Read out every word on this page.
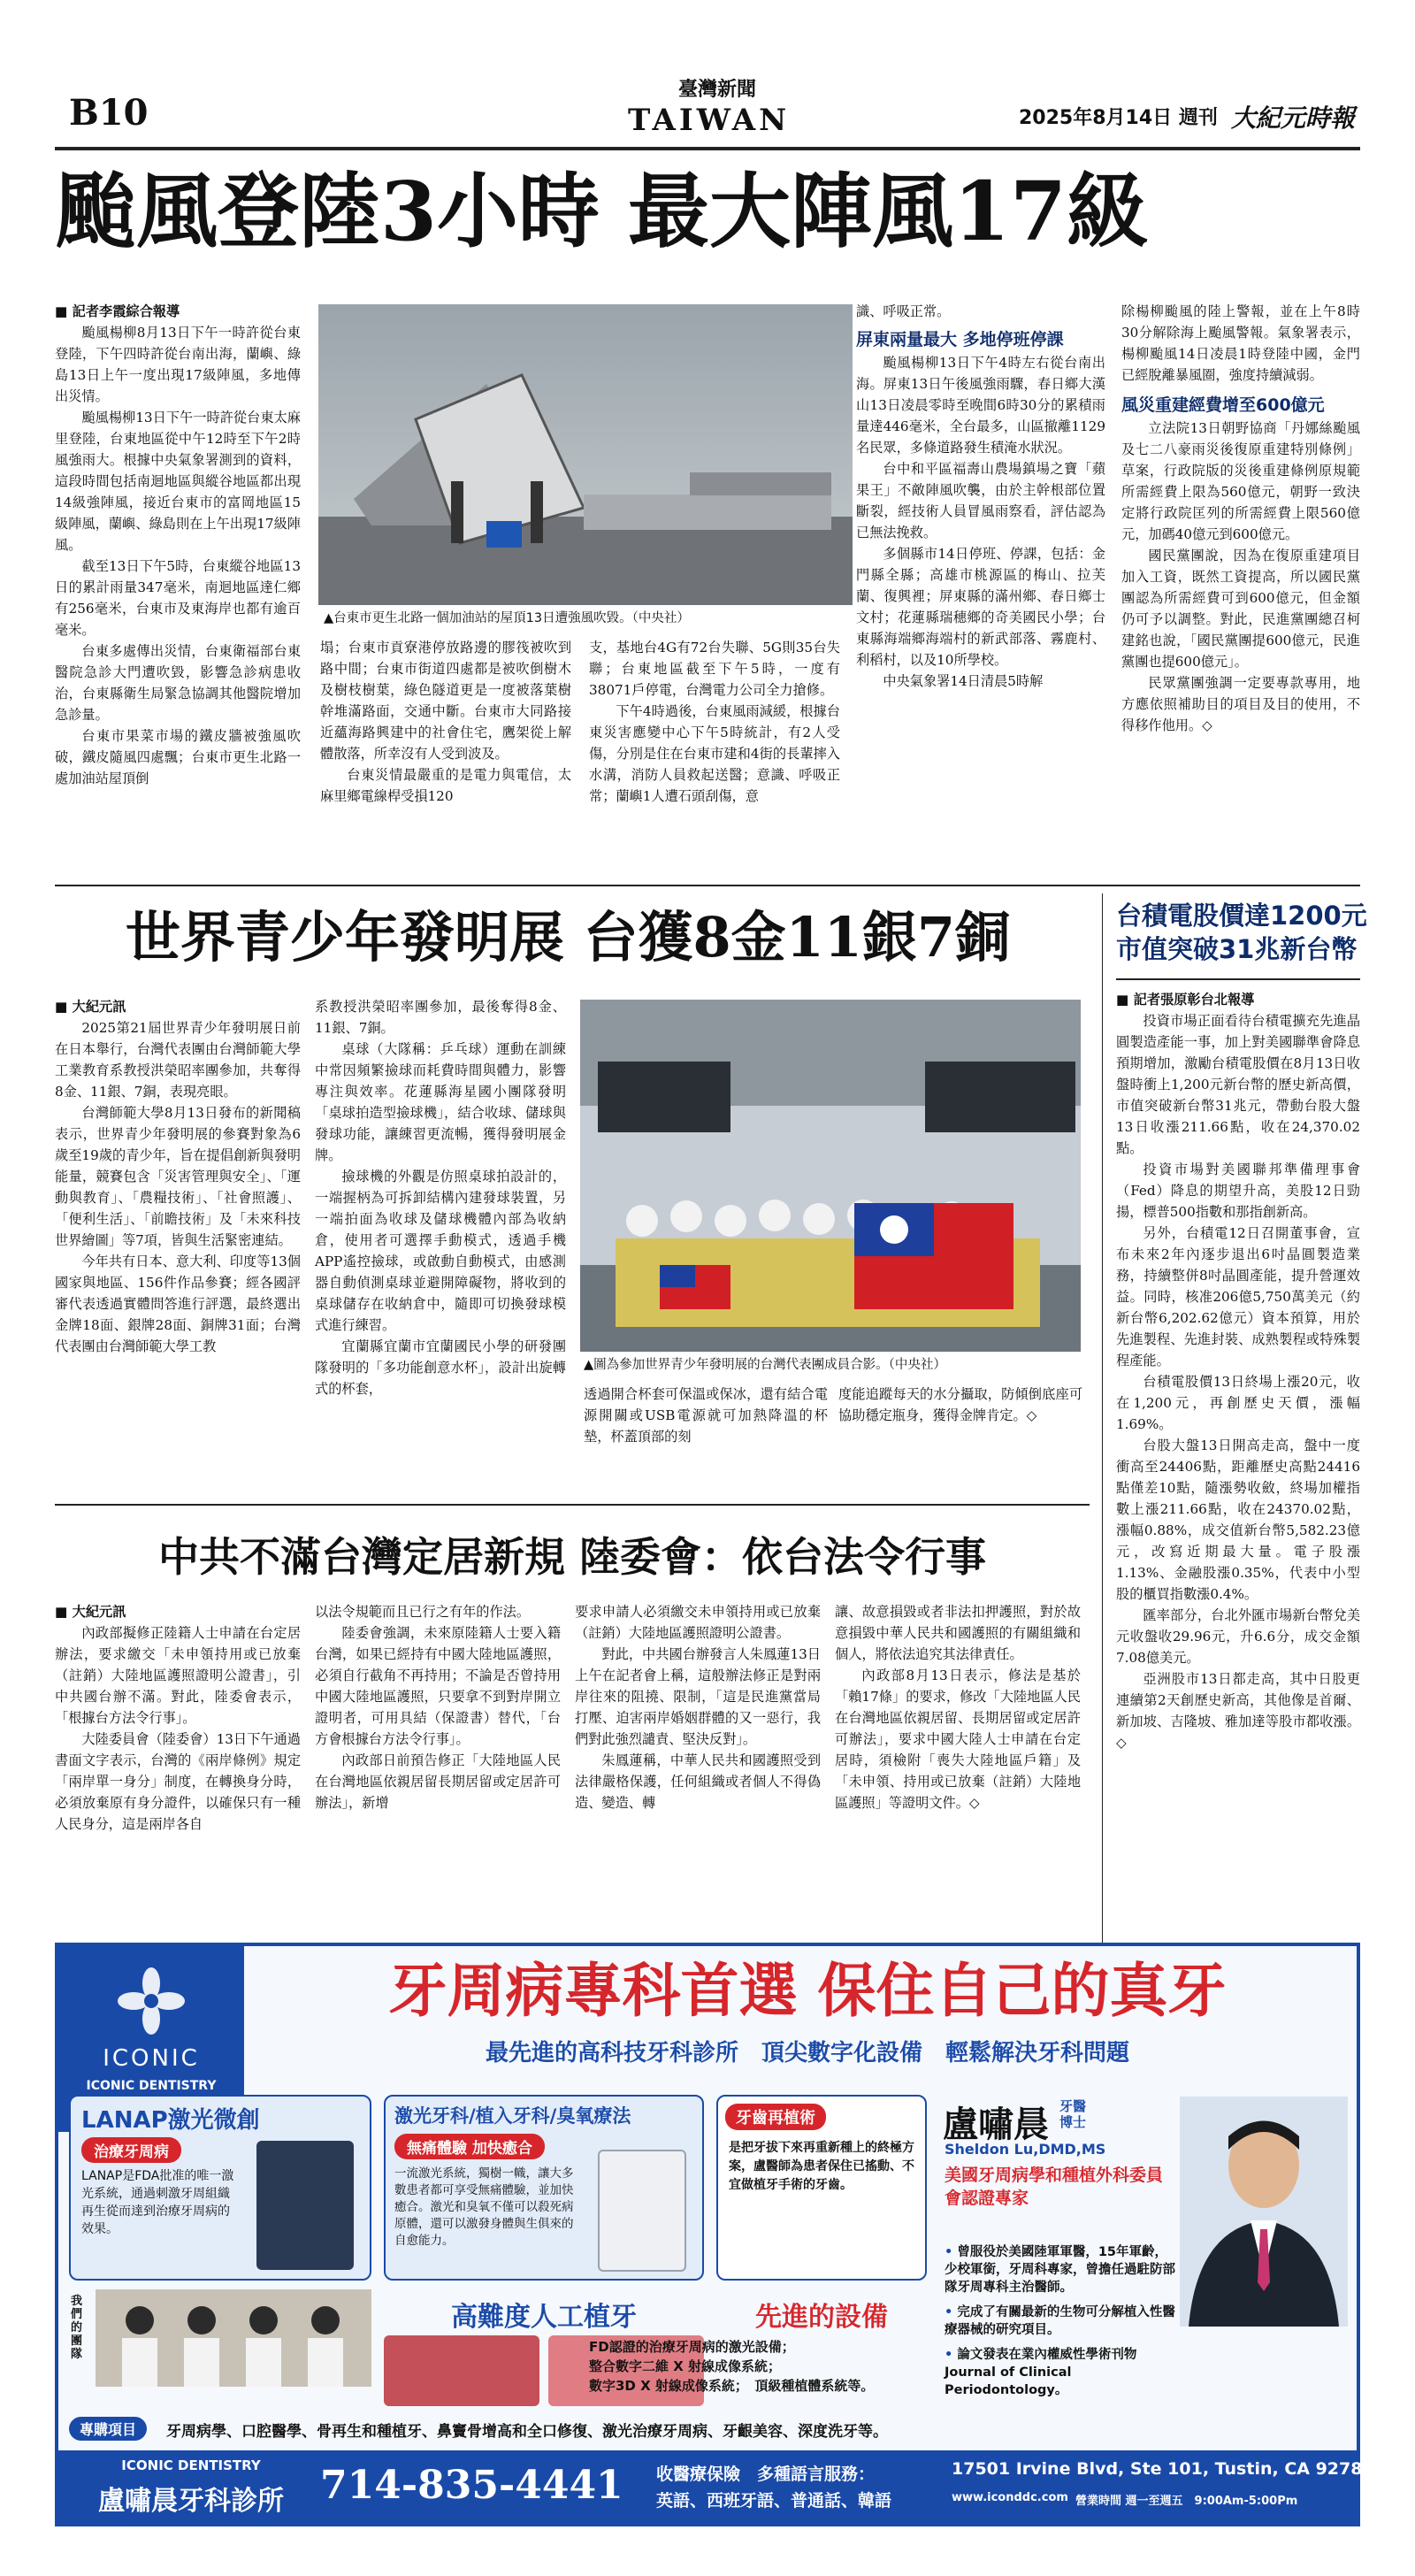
B10
臺灣新聞
TAIWAN	2025年8月14日 週刊 大紀元時報
颱風登陸3小時 最大陣風17級
■ 記者李霞綜合報導

颱風楊柳8月13日下午一時許從台東登陸，下午四時許從台南出海，蘭嶼、綠島13日上午一度出現17級陣風，多地傳出災情。

颱風楊柳13日下午一時許從台東太麻里登陸，台東地區從中午12時至下午2時風強雨大。根據中央氣象署測到的資料，這段時間包括南迴地區與縱谷地區都出現14級強陣風，接近台東市的富岡地區15級陣風，蘭嶼、綠島則在上午出現17級陣風。

截至13日下午5時，台東縱谷地區13日的累計雨量347毫米，南迴地區達仁鄉有256毫米，台東市及東海岸也都有逾百毫米。

台東多處傳出災情，台東衛福部台東醫院急診大門遭吹毀，影響急診病患收治，台東縣衛生局緊急協調其他醫院增加急診量。

台東市果菜市場的鐵皮牆被強風吹破，鐵皮隨風四處飄；台東市更生北路一處加油站屋頂倒

▲台東市更生北路一個加油站的屋頂13日遭強風吹毀。（中央社）

塌；台東市貢寮港停放路邊的膠筏被吹到路中間；台東市街道四處都是被吹倒樹木及樹枝樹葉，綠色隧道更是一度被落葉樹幹堆滿路面，交通中斷。台東市大同路接近蘊海路興建中的社會住宅，鷹架從上解體散落，所幸沒有人受到波及。

台東災情最嚴重的是電力與電信，太麻里鄉電線桿受損120

支，基地台4G有72台失聯、5G則35台失聯；台東地區截至下午5時，一度有38071戶停電，台灣電力公司全力搶修。

下午4時過後，台東風雨減緩，根據台東災害應變中心下午5時統計，有2人受傷，分別是住在台東市建和4街的長輩摔入水溝，消防人員救起送醫；意識、呼吸正常；蘭嶼1人遭石頭刮傷，意

識、呼吸正常。

屏東兩量最大 多地停班停課

颱風楊柳13日下午4時左右從台南出海。屏東13日午後風強雨驟，春日鄉大漢山13日凌晨零時至晚間6時30分的累積雨量達446毫米，全台最多，山區撤離1129名民眾，多條道路發生積淹水狀況。

台中和平區福壽山農場鎮場之寶「蘋果王」不敵陣風吹襲，由於主幹根部位置斷裂，經技術人員冒風雨察看，評估認為已無法挽救。

多個縣市14日停班、停課，包括：金門縣全縣；高雄市桃源區的梅山、拉芙蘭、復興裡；屏東縣的滿州鄉、春日鄉士文村；花蓮縣瑞穗鄉的奇美國民小學；台東縣海端鄉海端村的新武部落、霧鹿村、利稻村，以及10所學校。

中央氣象署14日清晨5時解

除楊柳颱風的陸上警報，並在上午8時30分解除海上颱風警報。氣象署表示，楊柳颱風14日凌晨1時登陸中國，金門已經脫離暴風圈，強度持續減弱。

風災重建經費增至600億元

立法院13日朝野協商「丹娜絲颱風及七二八豪雨災後復原重建特別條例」草案，行政院版的災後重建條例原規範所需經費上限為560億元，朝野一致決定將行政院匡列的所需經費上限560億元，加碼40億元到600億元。

國民黨團說，因為在復原重建項目加入工資，既然工資提高，所以國民黨團認為所需經費可到600億元，但金額仍可予以調整。對此，民進黨團總召柯建銘也說，「國民黨團提600億元，民進黨團也提600億元」。

民眾黨團強調一定要專款專用，地方應依照補助目的項目及目的使用，不得移作他用。◇

世界青少年發明展 台獲8金11銀7銅
■ 大紀元訊

2025第21屆世界青少年發明展日前在日本舉行，台灣代表團由台灣師範大學工業教育系教授洪榮昭率團參加，共奪得8金、11銀、7銅，表現亮眼。

台灣師範大學8月13日發布的新聞稿表示，世界青少年發明展的參賽對象為6歲至19歲的青少年，旨在提倡創新與發明能量，競賽包含「災害管理與安全」、「運動與教育」、「農糧技術」、「社會照護」、「便利生活」、「前瞻技術」及「未來科技世界繪圖」等7項，皆與生活緊密連結。

今年共有日本、意大利、印度等13個國家與地區、156件作品參賽；經各國評審代表透過實體問答進行評選，最終選出金牌18面、銀牌28面、銅牌31面；台灣代表團由台灣師範大學工教

系教授洪榮昭率團參加，最後奪得8金、11銀、7銅。

桌球（大隊稱：乒乓球）運動在訓練中常因頻繁撿球而耗費時間與體力，影響專注與效率。花蓮縣海星國小團隊發明「桌球拍造型撿球機」，結合收球、儲球與發球功能，讓練習更流暢，獲得發明展金牌。

撿球機的外觀是仿照桌球拍設計的，一端握柄為可拆卸結構內建發球裝置，另一端拍面為收球及儲球機體內部為收納倉，使用者可選擇手動模式，透過手機APP遙控撿球，或啟動自動模式，由感測器自動偵測桌球並避開障礙物，將收到的桌球儲存在收納倉中，隨即可切換發球模式進行練習。

宜蘭縣宜蘭市宜蘭國民小學的研發團隊發明的「多功能創意水杯」，設計出旋轉式的杯套，

▲圖為參加世界青少年發明展的台灣代表團成員合影。（中央社）

透過開合杯套可保溫或保冰，還有結合電源開關或USB電源就可加熱降溫的杯墊，杯蓋頂部的刻

度能追蹤每天的水分攝取，防傾倒底座可協助穩定瓶身，獲得金牌肯定。◇

台積電股價達1200元
市值突破31兆新台幣
■ 記者張原彰台北報導

投資市場正面看待台積電擴充先進晶圓製造產能一事，加上對美國聯準會降息預期增加，激勵台積電股價在8月13日收盤時衝上1,200元新台幣的歷史新高價，市值突破新台幣31兆元，帶動台股大盤13日收漲211.66點，收在24,370.02點。

投資市場對美國聯邦準備理事會（Fed）降息的期望升高，美股12日勁揚，標普500指數和那指創新高。

另外，台積電12日召開董事會，宣布未來2年內逐步退出6吋晶圓製造業務，持續整併8吋晶圓產能，提升營運效益。同時，核准206億5,750萬美元（約新台幣6,202.62億元）資本預算，用於先進製程、先進封裝、成熟製程或特殊製程產能。

台積電股價13日終場上漲20元，收在1,200元，再創歷史天價，漲幅1.69%。

台股大盤13日開高走高，盤中一度衝高至24406點，距離歷史高點24416點僅差10點，隨漲勢收斂，終場加權指數上漲211.66點，收在24370.02點，漲幅0.88%，成交值新台幣5,582.23億元，改寫近期最大量。電子股漲1.13%、金融股漲0.35%，代表中小型股的櫃買指數漲0.4%。

匯率部分，台北外匯市場新台幣兌美元收盤收29.96元，升6.6分，成交金額7.08億美元。

亞洲股市13日都走高，其中日股更連續第2天創歷史新高，其他像是首爾、新加坡、吉隆坡、雅加達等股市都收漲。◇

中共不滿台灣定居新規 陸委會：依台法令行事
■ 大紀元訊

內政部擬修正陸籍人士申請在台定居辦法，要求繳交「未申領持用或已放棄（註銷）大陸地區護照證明公證書」，引中共國台辦不滿。對此，陸委會表示，「根據台方法令行事」。

大陸委員會（陸委會）13日下午通過書面文字表示，台灣的《兩岸條例》規定「兩岸單一身分」制度，在轉換身分時，必須放棄原有身分證件，以確保只有一種人民身分，這是兩岸各自

以法令規範而且已行之有年的作法。

陸委會強調，未來原陸籍人士要入籍台灣，如果已經持有中國大陸地區護照，必須自行截角不再持用；不論是否曾持用中國大陸地區護照，只要拿不到對岸開立證明者，可用具結（保證書）替代，「台方會根據台方法令行事」。

內政部日前預告修正「大陸地區人民在台灣地區依親居留長期居留或定居許可辦法」，新增

要求申請人必須繳交未申領持用或已放棄（註銷）大陸地區護照證明公證書。

對此，中共國台辦發言人朱鳳蓮13日上午在記者會上稱，這般辦法修正是對兩岸往來的阻撓、限制，「這是民進黨當局打壓、迫害兩岸婚姻群體的又一惡行，我們對此強烈譴責、堅決反對」。

朱鳳蓮稱，中華人民共和國護照受到法律嚴格保護，任何組織或者個人不得偽造、變造、轉

讓、故意損毀或者非法扣押護照，對於故意損毀中華人民共和國護照的有關組織和個人，將依法追究其法律責任。

內政部8月13日表示，修法是基於「賴17條」的要求，修改「大陸地區人民在台灣地區依親居留、長期居留或定居許可辦法」，要求中國大陸人士申請在台定居時，須檢附「喪失大陸地區戶籍」及「未申領、持用或已放棄（註銷）大陸地區護照」等證明文件。◇

ICONIC
ICONIC DENTISTRY
牙周病專科首選 保住自己的真牙
最先進的高科技牙科診所　頂尖數字化設備　輕鬆解決牙科問題
LANAP激光微創
治療牙周病
LANAP是FDA批准的唯一激光系統，通過刺激牙周組織再生從而達到治療牙周病的效果。
我們的團隊
激光牙科/植入牙科/臭氧療法
無痛體驗 加快癒合
一流激光系統，獨樹一幟，讓大多數患者都可享受無痛體驗，並加快癒合。激光和臭氧不僅可以殺死病原體，還可以激發身體與生俱來的自愈能力。
牙齒再植術
是把牙拔下來再重新種上的終極方案，盧醫師為患者保住已搖動、不宜做植牙手術的牙齒。
高難度人工植牙	先進的設備
FD認證的治療牙周病的激光設備；
整合數字二維 X 射線成像系統；
數字3D X 射線成像系統；　頂級種植體系統等。
盧嘯晨 牙醫博士
Sheldon Lu,DMD,MS
美國牙周病學和種植外科委員會認證專家
• 曾服役於美國陸軍軍醫，15年軍齡，少校軍銜，牙周科專家，曾擔任過駐防部隊牙周專科主治醫師。
• 完成了有關最新的生物可分解植入性醫療器械的研究項目。
• 論文發表在業內權威性學術刊物 Journal of Clinical Periodontology。
專購項目	牙周病學、口腔醫學、骨再生和種植牙、鼻竇骨增高和全口修復、激光治療牙周病、牙齦美容、深度洗牙等。
ICONIC DENTISTRY
盧嘯晨牙科診所 714-835-4441 收醫療保險　多種語言服務：
英語、西班牙語、普通話、韓語
17501 Irvine Blvd, Ste 101, Tustin, CA 92780
www.iconddc.com 營業時間 週一至週五　9:00Am-5:00Pm
